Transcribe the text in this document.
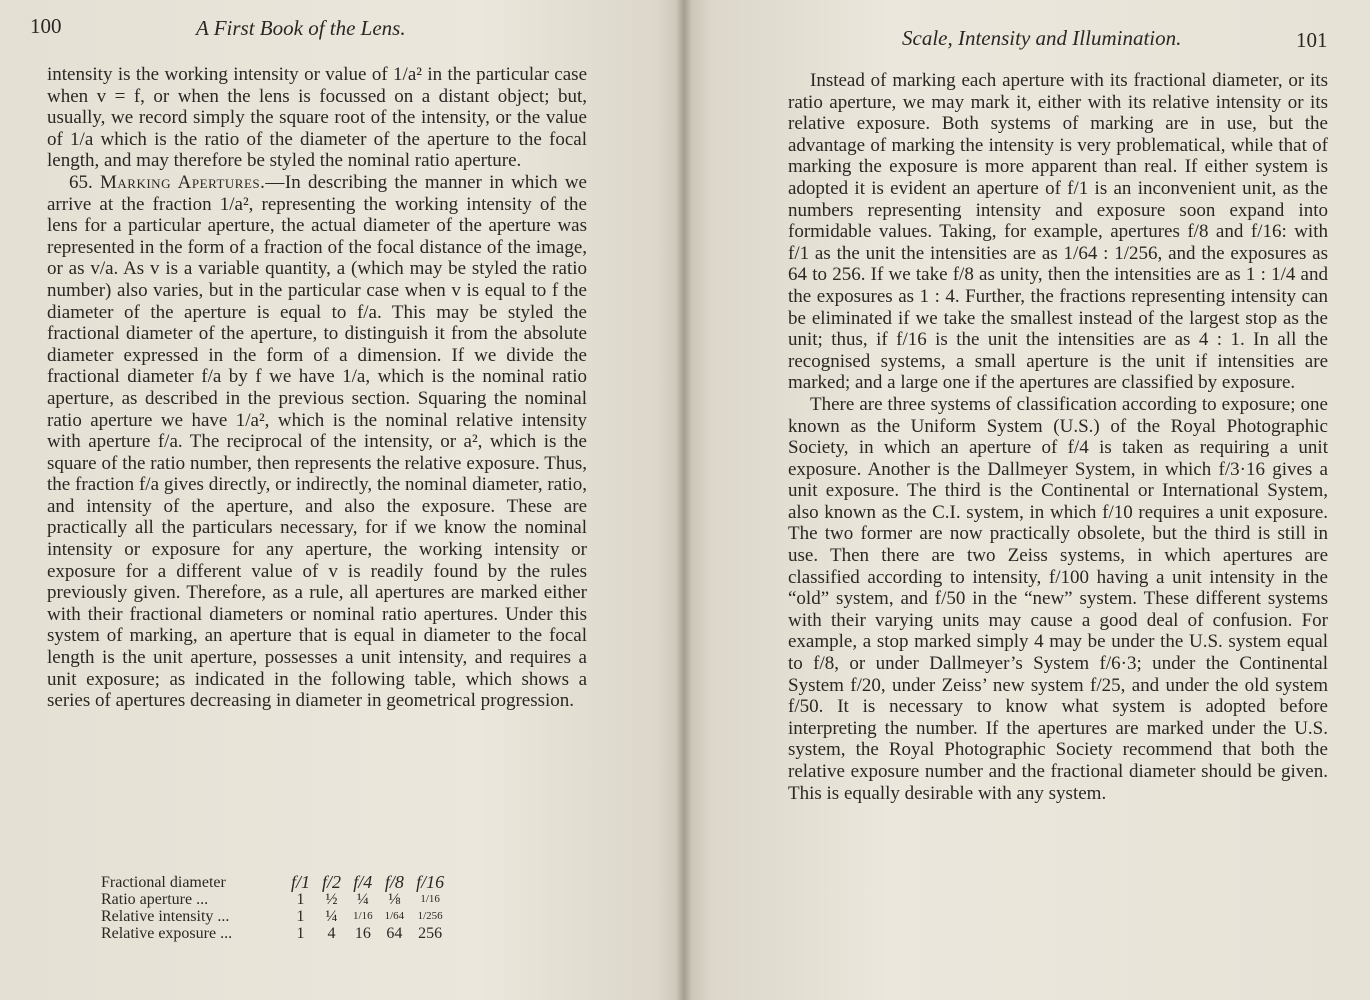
100	A First Book of the Lens.

intensity is the working intensity or value of 1/a² in the particular case when v = f, or when the lens is focussed on a distant object; but, usually, we record simply the square root of the intensity, or the value of 1/a which is the ratio of the diameter of the aperture to the focal length, and may therefore be styled the nominal ratio aperture.

65. Marking Apertures.—In describing the manner in which we arrive at the fraction 1/a², representing the working intensity of the lens for a particular aperture, the actual diameter of the aperture was represented in the form of a fraction of the focal distance of the image, or as v/a. As v is a variable quantity, a (which may be styled the ratio number) also varies, but in the particular case when v is equal to f the diameter of the aperture is equal to f/a. This may be styled the fractional diameter of the aperture, to distinguish it from the absolute diameter expressed in the form of a dimension. If we divide the fractional diameter f/a by f we have 1/a, which is the nominal ratio aperture, as described in the previous section. Squaring the nominal ratio aperture we have 1/a², which is the nominal relative intensity with aperture f/a. The reciprocal of the intensity, or a², which is the square of the ratio number, then represents the relative exposure. Thus, the fraction f/a gives directly, or indirectly, the nominal diameter, ratio, and intensity of the aperture, and also the exposure. These are practically all the particulars necessary, for if we know the nominal intensity or exposure for any aperture, the working intensity or exposure for a different value of v is readily found by the rules previously given. Therefore, as a rule, all apertures are marked either with their fractional diameters or nominal ratio apertures. Under this system of marking, an aperture that is equal in diameter to the focal length is the unit aperture, possesses a unit intensity, and requires a unit exposure; as indicated in the following table, which shows a series of apertures decreasing in diameter in geometrical progression.

Fractional diameter	f/1	f/2	f/4	f/8	f/16
Ratio aperture ...	1	½	¼	⅛	1/16
Relative intensity ...	1	¼	1/16	1/64	1/256
Relative exposure ...	1	4	16	64	256
Scale, Intensity and Illumination.	101

Instead of marking each aperture with its fractional diameter, or its ratio aperture, we may mark it, either with its relative intensity or its relative exposure. Both systems of marking are in use, but the advantage of marking the intensity is very problematical, while that of marking the exposure is more apparent than real. If either system is adopted it is evident an aperture of f/1 is an inconvenient unit, as the numbers representing intensity and exposure soon expand into formidable values. Taking, for example, apertures f/8 and f/16: with f/1 as the unit the intensities are as 1/64 : 1/256, and the exposures as 64 to 256. If we take f/8 as unity, then the intensities are as 1 : 1/4 and the exposures as 1 : 4. Further, the fractions representing intensity can be eliminated if we take the smallest instead of the largest stop as the unit; thus, if f/16 is the unit the intensities are as 4 : 1. In all the recognised systems, a small aperture is the unit if intensities are marked; and a large one if the apertures are classified by exposure.

There are three systems of classification according to exposure; one known as the Uniform System (U.S.) of the Royal Photographic Society, in which an aperture of f/4 is taken as requiring a unit exposure. Another is the Dallmeyer System, in which f/3·16 gives a unit exposure. The third is the Continental or International System, also known as the C.I. system, in which f/10 requires a unit exposure. The two former are now practically obsolete, but the third is still in use. Then there are two Zeiss systems, in which apertures are classified according to intensity, f/100 having a unit intensity in the “old” system, and f/50 in the “new” system. These different systems with their varying units may cause a good deal of confusion. For example, a stop marked simply 4 may be under the U.S. system equal to f/8, or under Dallmeyer’s System f/6·3; under the Continental System f/20, under Zeiss’ new system f/25, and under the old system f/50. It is necessary to know what system is adopted before interpreting the number. If the apertures are marked under the U.S. system, the Royal Photographic Society recommend that both the relative exposure number and the fractional diameter should be given. This is equally desirable with any system.
